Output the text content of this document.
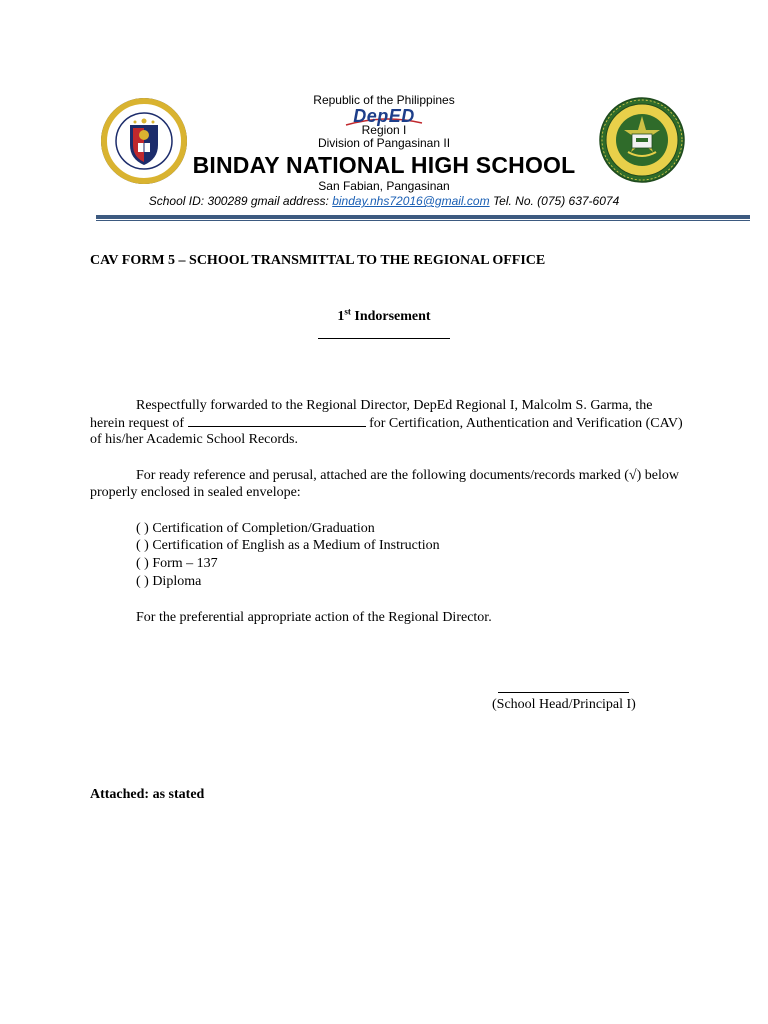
Republic of the Philippines
DepED
Region I
Division of Pangasinan II
BINDAY NATIONAL HIGH SCHOOL
San Fabian, Pangasinan
School ID: 300289 gmail address: binday.nhs72016@gmail.com Tel. No. (075) 637-6074
CAV FORM 5 – SCHOOL TRANSMITTAL TO THE REGIONAL OFFICE
1st Indorsement
Respectfully forwarded to the Regional Director, DepEd Regional I, Malcolm S. Garma, the
herein request of	for Certification, Authentication and Verification (CAV)
of his/her Academic School Records.
For ready reference and perusal, attached are the following documents/records marked (√) below
properly enclosed in sealed envelope:
( ) Certification of Completion/Graduation
( ) Certification of English as a Medium of Instruction
( ) Form – 137
( ) Diploma
For the preferential appropriate action of the Regional Director.
(School Head/Principal I)
Attached: as stated
